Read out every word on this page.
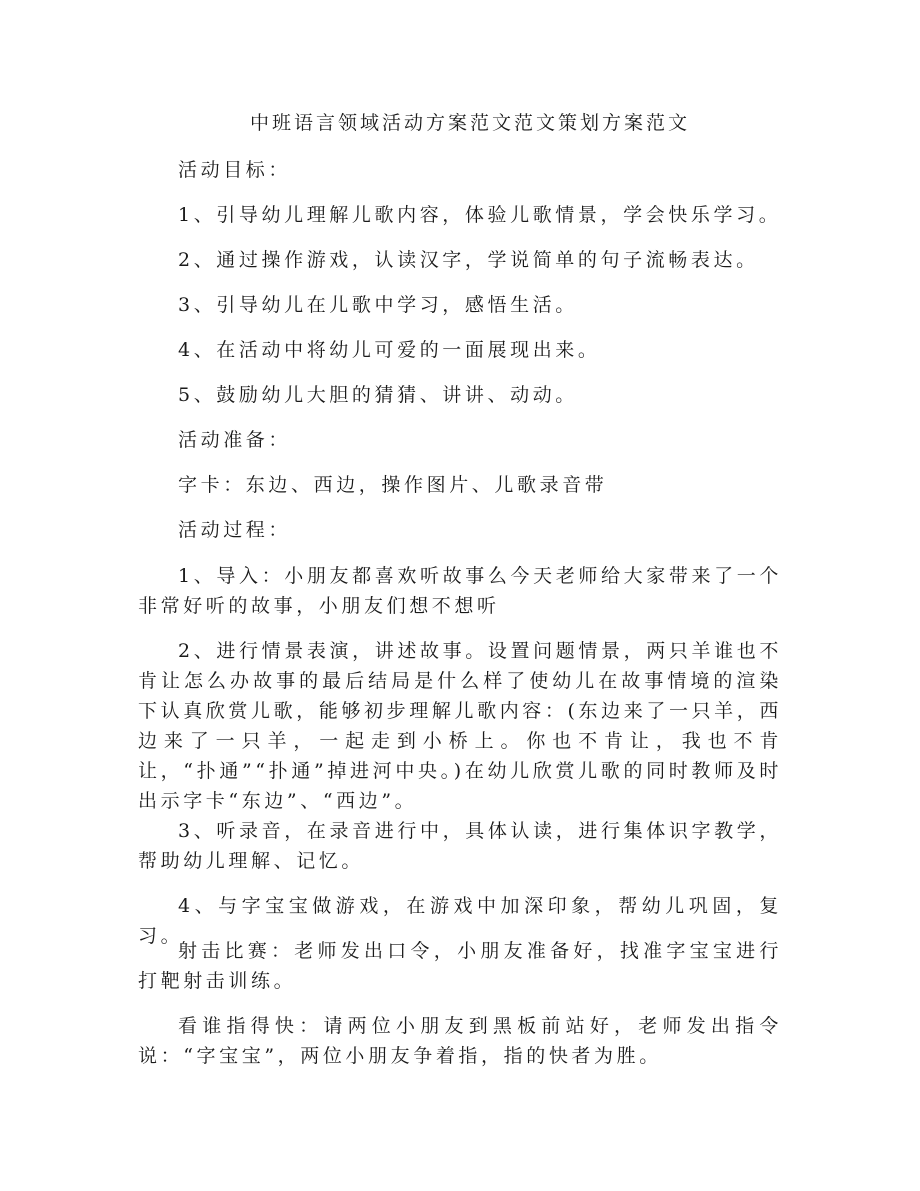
中班语言领域活动方案范文范文策划方案范文

活动目标：

1、引导幼儿理解儿歌内容，体验儿歌情景，学会快乐学习。

2、通过操作游戏，认读汉字，学说简单的句子流畅表达。

3、引导幼儿在儿歌中学习，感悟生活。

4、在活动中将幼儿可爱的一面展现出来。

5、鼓励幼儿大胆的猜猜、讲讲、动动。

活动准备：

字卡：东边、西边，操作图片、儿歌录音带

活动过程：

1、导入：小朋友都喜欢听故事么今天老师给大家带来了一个非常好听的故事，小朋友们想不想听

2、进行情景表演，讲述故事。设置问题情景，两只羊谁也不肯让怎么办故事的最后结局是什么样了使幼儿在故事情境的渲染下认真欣赏儿歌，能够初步理解儿歌内容：(东边来了一只羊，西边来了一只羊，一起走到小桥上。你也不肯让，我也不肯让，“扑通”“扑通”掉进河中央。)在幼儿欣赏儿歌的同时教师及时出示字卡“东边”、“西边”。

3、听录音，在录音进行中，具体认读，进行集体识字教学，帮助幼儿理解、记忆。

4、与字宝宝做游戏，在游戏中加深印象，帮幼儿巩固，复习。

射击比赛：老师发出口令，小朋友准备好，找准字宝宝进行打靶射击训练。

看谁指得快：请两位小朋友到黑板前站好，老师发出指令说：“字宝宝”，两位小朋友争着指，指的快者为胜。
